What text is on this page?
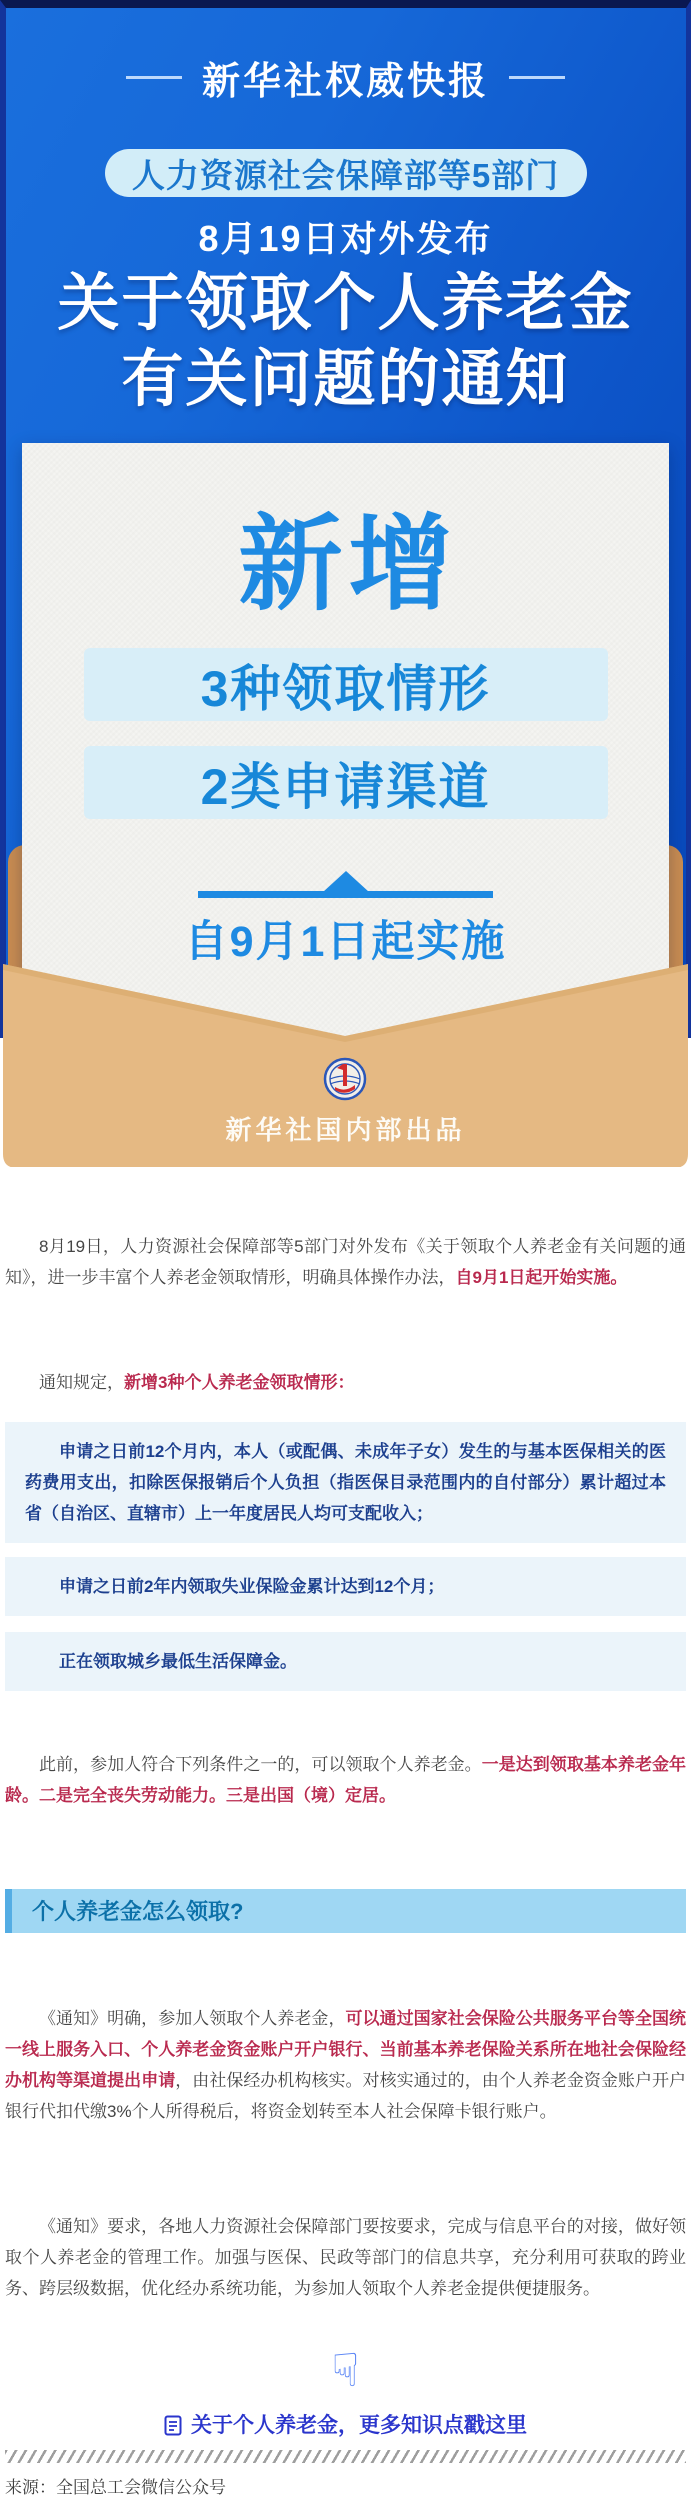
新华社权威快报
人力资源社会保障部等5部门
8月19日对外发布
关于领取个人养老金
有关问题的通知
新增
3种领取情形
2类申请渠道
自9月1日起实施
新华社国内部出品

8月19日，人力资源社会保障部等5部门对外发布《关于领取个人养老金有关问题的通知》，进一步丰富个人养老金领取情形，明确具体操作办法，自9月1日起开始实施。

通知规定，新增3种个人养老金领取情形：

申请之日前12个月内，本人（或配偶、未成年子女）发生的与基本医保相关的医药费用支出，扣除医保报销后个人负担（指医保目录范围内的自付部分）累计超过本省（自治区、直辖市）上一年度居民人均可支配收入；
申请之日前2年内领取失业保险金累计达到12个月；
正在领取城乡最低生活保障金。

此前，参加人符合下列条件之一的，可以领取个人养老金。一是达到领取基本养老金年龄。二是完全丧失劳动能力。三是出国（境）定居。

个人养老金怎么领取?

《通知》明确，参加人领取个人养老金，可以通过国家社会保险公共服务平台等全国统一线上服务入口、个人养老金资金账户开户银行、当前基本养老保险关系所在地社会保险经办机构等渠道提出申请，由社保经办机构核实。对核实通过的，由个人养老金资金账户开户银行代扣代缴3%个人所得税后，将资金划转至本人社会保障卡银行账户。

《通知》要求，各地人力资源社会保障部门要按要求，完成与信息平台的对接，做好领取个人养老金的管理工作。加强与医保、民政等部门的信息共享，充分利用可获取的跨业务、跨层级数据，优化经办系统功能，为参加人领取个人养老金提供便捷服务。

☟
关于个人养老金，更多知识点戳这里
来源：全国总工会微信公众号
